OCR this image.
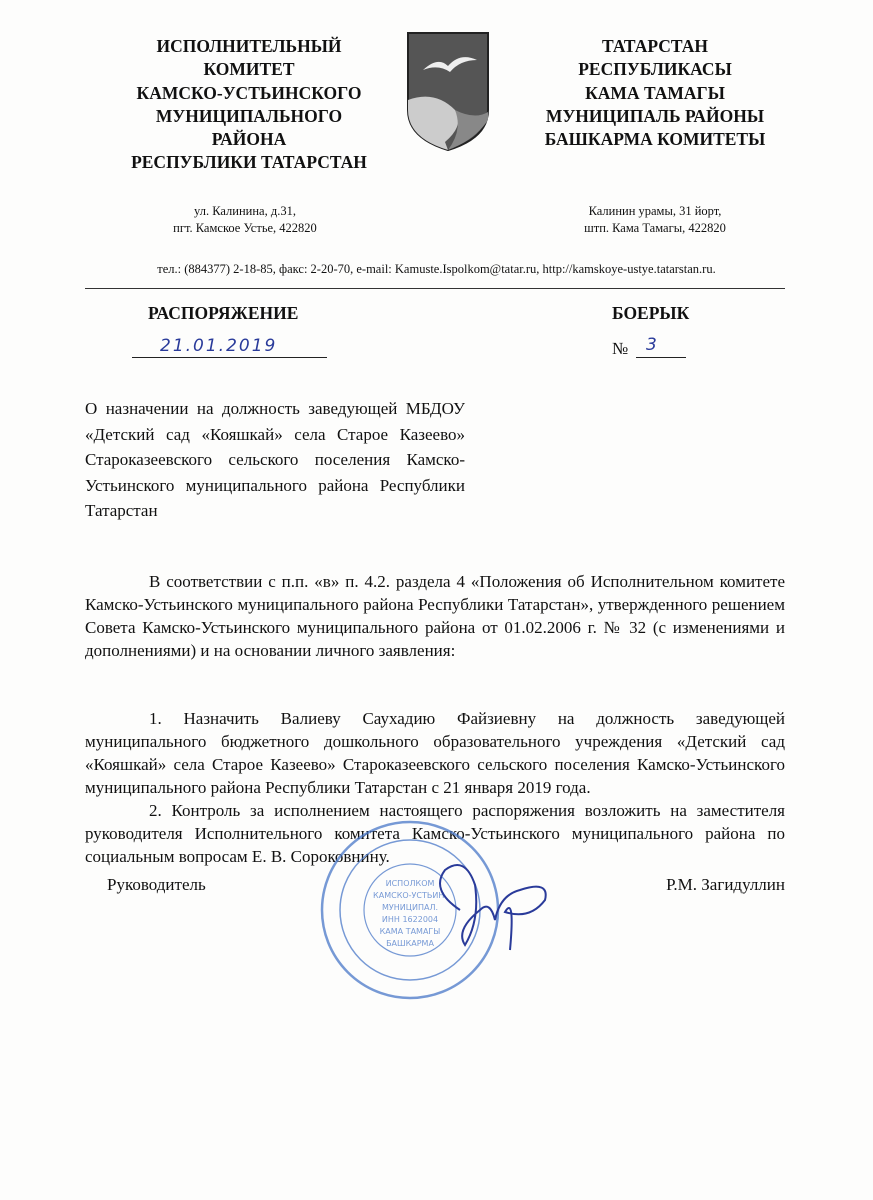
ИСПОЛНИТЕЛЬНЫЙ
КОМИТЕТ
КАМСКО-УСТЬИНСКОГО
МУНИЦИПАЛЬНОГО
РАЙОНА
РЕСПУБЛИКИ ТАТАРСТАН
ТАТАРСТАН
РЕСПУБЛИКАСЫ
КАМА ТАМАГЫ
МУНИЦИПАЛЬ РАЙОНЫ
БАШКАРМА КОМИТЕТЫ
ул. Калинина, д.31,
пгт. Камское Устье, 422820
Калинин урамы, 31 йорт,
штп. Кама Тамагы, 422820
тел.: (884377) 2-18-85, факс: 2-20-70, e-mail: Kamuste.Ispolkom@tatar.ru, http://kamskoye-ustye.tatarstan.ru.
РАСПОРЯЖЕНИЕ	БОЕРЫК
21.01.2019	№ 3
О назначении на должность заведующей МБДОУ «Детский сад «Кояшкай» села Старое Казеево» Староказеевского сельского поселения Камско-Устьинского муниципального района Республики Татарстан
В соответствии с п.п. «в» п. 4.2. раздела 4 «Положения об Исполнительном комитете Камско-Устьинского муниципального района Республики Татарстан», утвержденного решением Совета Камско-Устьинского муниципального района от 01.02.2006 г. № 32 (с изменениями и дополнениями) и на основании личного заявления:
1. Назначить Валиеву Саухадию Файзиевну на должность заведующей муниципального бюджетного дошкольного образовательного учреждения «Детский сад «Кояшкай» села Старое Казеево» Староказеевского сельского поселения Камско-Устьинского муниципального района Республики Татарстан с 21 января 2019 года.
2. Контроль за исполнением настоящего распоряжения возложить на заместителя руководителя Исполнительного комитета Камско-Устьинского муниципального района по социальным вопросам Е. В. Сороковнину.
ИСПОЛКОМ
КАМСКО-УСТЬИН.
МУНИЦИПАЛ.
ИНН 1622004
КАМА ТАМАГЫ
БАШКАРМА
Руководитель	Р.М. Загидуллин
